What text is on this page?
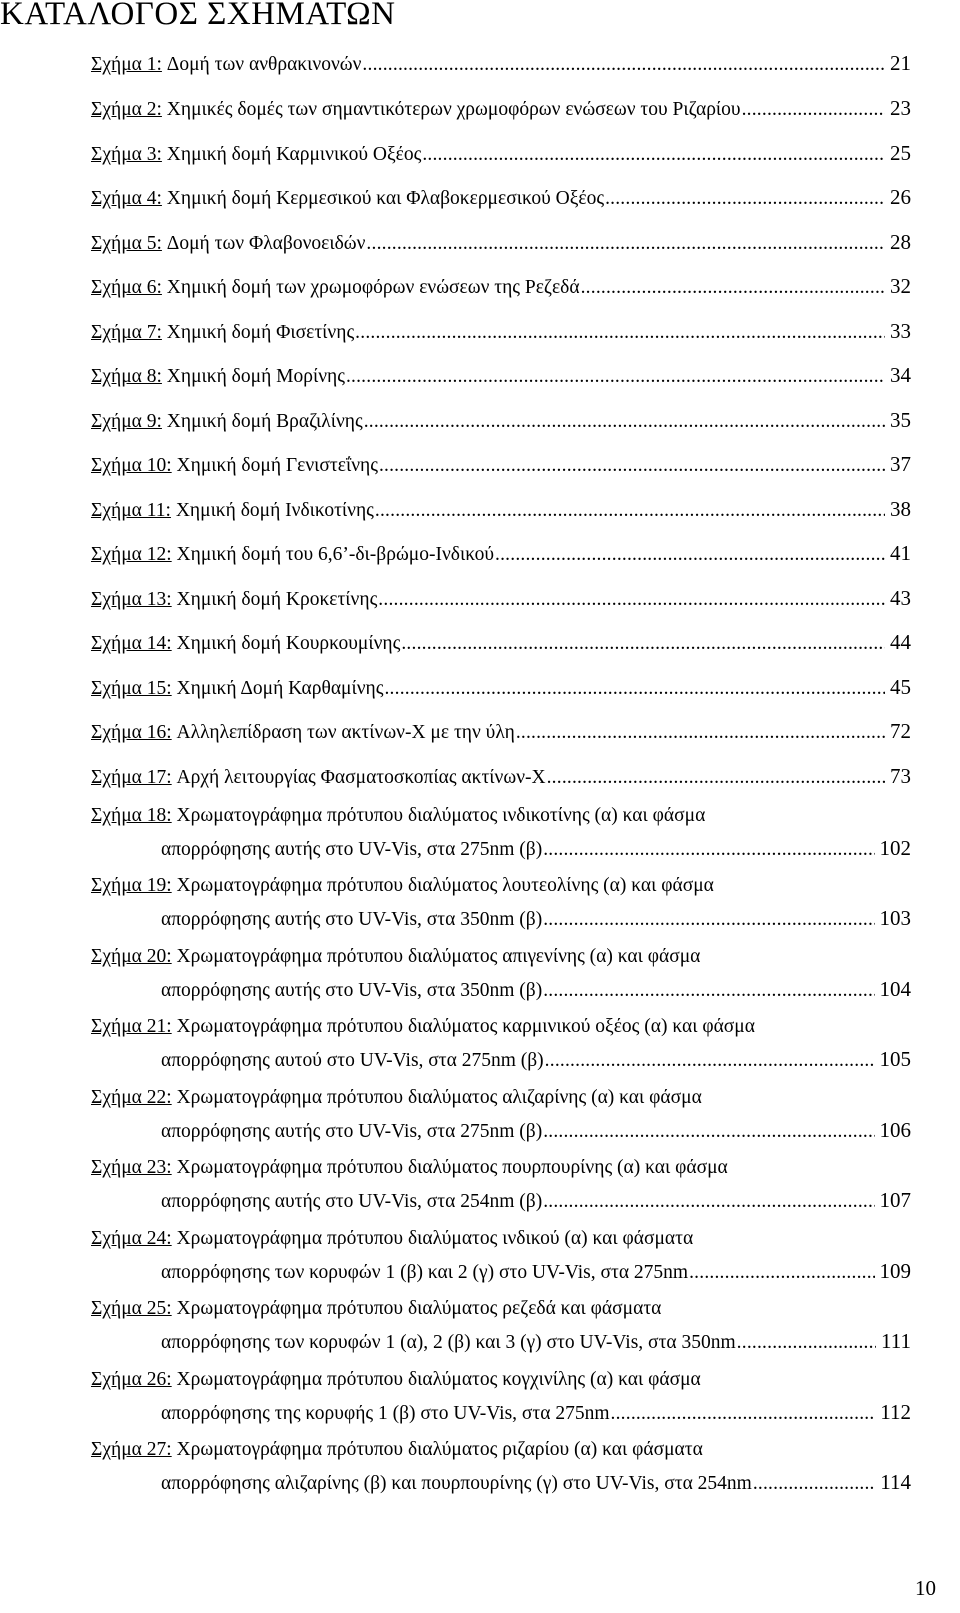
ΚΑΤΑΛΟΓΟΣ ΣΧΗΜΑΤΩΝ
Σχήμα 1:
Δομή των ανθρακινονών .....	21
Σχήμα 2:
Χημικές δομές των σημαντικότερων χρωμοφόρων ενώσεων του Ριζαρίου .....	23
Σχήμα 3:
Χημική δομή Καρμινικού Οξέος .....	25
Σχήμα 4:
Χημική δομή Κερμεσικού και Φλαβοκερμεσικού Οξέος .....	26
Σχήμα 5:
Δομή των Φλαβονοειδών .....	28
Σχήμα 6:
Χημική δομή των χρωμοφόρων ενώσεων της Ρεζεδά .....	32
Σχήμα 7:
Χημική δομή Φισετίνης .....	33
Σχήμα 8:
Χημική δομή Μορίνης .....	34
Σχήμα 9:
Χημική δομή Βραζιλίνης .....	35
Σχήμα 10:
Χημική δομή Γενιστεΐνης .....	37
Σχήμα 11:
Χημική δομή Ινδικοτίνης .....	38
Σχήμα 12:
Χημική δομή του 6,6’-δι-βρώμο-Ινδικού .....	41
Σχήμα 13:
Χημική δομή Κροκετίνης .....	43
Σχήμα 14:
Χημική δομή Κουρκουμίνης .....	44
Σχήμα 15:
Χημική Δομή Καρθαμίνης .....	45
Σχήμα 16:
Αλληλεπίδραση των ακτίνων-Χ με την ύλη .....	72
Σχήμα 17:
Αρχή λειτουργίας Φασματοσκοπίας ακτίνων-Χ .....	73
Σχήμα 18:
Χρωματογράφημα πρότυπου διαλύματος ινδικοτίνης (α) και φάσμα
απορρόφησης αυτής στο UV-Vis, στα 275nm (β) .....	102
Σχήμα 19:
Χρωματογράφημα πρότυπου διαλύματος λουτεολίνης (α) και φάσμα
απορρόφησης αυτής στο UV-Vis, στα 350nm (β) .....	103
Σχήμα 20:
Χρωματογράφημα πρότυπου διαλύματος απιγενίνης (α) και φάσμα
απορρόφησης αυτής στο UV-Vis, στα 350nm (β) .....	104
Σχήμα 21:
Χρωματογράφημα πρότυπου διαλύματος καρμινικού οξέος (α) και φάσμα
απορρόφησης αυτού στο UV-Vis, στα 275nm (β) .....	105
Σχήμα 22:
Χρωματογράφημα πρότυπου διαλύματος αλιζαρίνης (α) και φάσμα
απορρόφησης αυτής στο UV-Vis, στα 275nm (β) .....	106
Σχήμα 23:
Χρωματογράφημα πρότυπου διαλύματος πουρπουρίνης (α) και φάσμα
απορρόφησης αυτής στο UV-Vis, στα 254nm (β) .....	107
Σχήμα 24:
Χρωματογράφημα πρότυπου διαλύματος ινδικού (α) και φάσματα
απορρόφησης των κορυφών 1 (β) και 2 (γ) στο UV-Vis, στα 275nm .....	109
Σχήμα 25:
Χρωματογράφημα πρότυπου διαλύματος ρεζεδά και φάσματα
απορρόφησης των κορυφών 1 (α), 2 (β) και 3 (γ) στο UV-Vis, στα 350nm .....	111
Σχήμα 26:
Χρωματογράφημα πρότυπου διαλύματος κογχινίλης (α) και φάσμα
απορρόφησης της κορυφής 1 (β) στο UV-Vis, στα 275nm .....	112
Σχήμα 27:
Χρωματογράφημα πρότυπου διαλύματος ριζαρίου (α) και φάσματα
απορρόφησης αλιζαρίνης (β) και πουρπουρίνης (γ) στο UV-Vis, στα 254nm .....	114
10
